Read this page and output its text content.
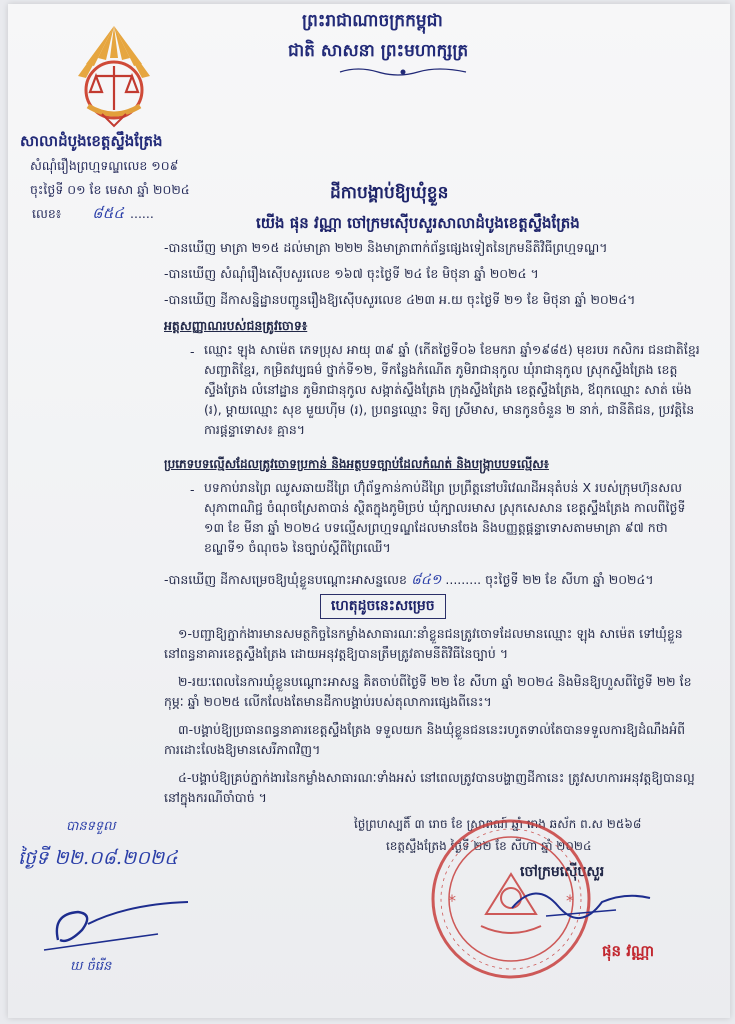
ព្រះរាជាណាចក្រកម្ពុជា
ជាតិ សាសនា ព្រះមហាក្សត្រ
សាលាដំបូងខេត្តស្ទឹងត្រែង
សំណុំរឿងព្រហ្មទណ្ឌលេខ ១០៩
ចុះថ្ងៃទី ០១ ខែ មេសា ឆ្នាំ ២០២៤
លេខ៖ ៨៥៤ ......
ដីកាបង្គាប់ឱ្យឃុំខ្លួន
យើង ផុន វណ្ណា ចៅក្រមស៊ើបសួរសាលាដំបូងខេត្តស្ទឹងត្រែង
-បានឃើញ មាត្រា ២១៥ ដល់មាត្រា ២២២ និងមាត្រាពាក់ព័ន្ធផ្សេងទៀតនៃក្រមនីតិវិធីព្រហ្មទណ្ឌ។
-បានឃើញ សំណុំរឿងស៊ើបសួរលេខ ១៦៧ ចុះថ្ងៃទី ២៤ ខែ មិថុនា ឆ្នាំ ២០២៤ ។
-បានឃើញ ដីកាសន្និដ្ឋានបញ្ជូនរឿងឱ្យស៊ើបសួរលេខ ៤២៣ អ.យ ចុះថ្ងៃទី ២១ ខែ មិថុនា ឆ្នាំ ២០២៤។
អត្តសញ្ញាណរបស់ជនត្រូវចោទ៖
- ឈ្មោះ ឡុង សាម៉េត ភេទប្រុស អាយុ ៣៩ ឆ្នាំ (កើតថ្ងៃទី០៦ ខែមករា ឆ្នាំ១៩៨៥) មុខរបរ កសិករ ជនជាតិខ្មែរ សញ្ជាតិខ្មែរ, កម្រិតវប្បធម៌ ថ្នាក់ទី១២, ទីកន្លែងកំណើត ភូមិរាជានុកូល ឃុំរាជានុកូល ស្រុកស្ទឹងត្រែង ខេត្តស្ទឹងត្រែង លំនៅដ្ឋាន ភូមិរាជានុកូល សង្កាត់ស្ទឹងត្រែង ក្រុងស្ទឹងត្រែង ខេត្តស្ទឹងត្រែង, ឪពុកឈ្មោះ សាត់ ម៉េង (រ), ម្ដាយឈ្មោះ សុខ មួយហ៊ីម (រ), ប្រពន្ធឈ្មោះ ទិត្យ ស្រីមាស, មានកូនចំនួន ២ នាក់, ជានីតិជន, ប្រវត្តិនៃការផ្ដន្ទាទោស៖ គ្មាន។
ប្រភេទបទល្មើសដែលត្រូវចោទប្រកាន់ និងអត្ថបទច្បាប់ដែលកំណត់ និងបង្ក្រាបបទល្មើស៖
- បទកាប់រានព្រៃ ឈូសឆាយដីព្រៃ ហ៊ុំព័ទ្ធកាន់កាប់ដីព្រៃ ប្រព្រឹត្តនៅបរិវេណដីអនុតំបន់ X របស់ក្រុមហ៊ុនសលសុភាពាណិជ្ជ ចំណុចស្រែតាបាន់ ស្ថិតក្នុងភូមិច្រប់ ឃុំក្បាលរមាស ស្រុកសេសាន ខេត្តស្ទឹងត្រែង កាលពីថ្ងៃទី ១៣ ខែ មីនា ឆ្នាំ ២០២៤ បទល្មើសព្រហ្មទណ្ឌដែលមានចែង និងបញ្ញត្តផ្តន្ទាទោសតាមមាត្រា ៩៧ កថាខណ្ឌទី១ ចំណុច៦ នៃច្បាប់ស្ដីពីព្រៃឈើ។
-បានឃើញ ដីកាសម្រេចឱ្យឃុំខ្លួនបណ្ដោះអាសន្នលេខ ៨៤១ ......... ចុះថ្ងៃទី ២២ ខែ សីហា ឆ្នាំ ២០២៤។
ហេតុដូចនេះសម្រេច
១-បញ្ជាឱ្យភ្នាក់ងារមានសមត្ថកិច្ចនៃកម្លាំងសាធារណៈនាំខ្លួនជនត្រូវចោទដែលមានឈ្មោះ ឡុង សាម៉េត ទៅឃុំខ្លួននៅពន្ធនាគារខេត្តស្ទឹងត្រែង ដោយអនុវត្តឱ្យបានត្រឹមត្រូវតាមនីតិវិធីនៃច្បាប់ ។
២-រយៈពេលនៃការឃុំខ្លួនបណ្ដោះអាសន្ន គិតចាប់ពីថ្ងៃទី ២២ ខែ សីហា ឆ្នាំ ២០២៤ និងមិនឱ្យហួសពីថ្ងៃទី ២២ ខែ កុម្ភៈ ឆ្នាំ ២០២៥ លើកលែងតែមានដីកាបង្គាប់របស់តុលាការផ្សេងពីនេះ។
៣-បង្គាប់ឱ្យប្រធានពន្ធនាគារខេត្តស្ទឹងត្រែង ទទួលយក និងឃុំខ្លួនជននេះរហូតទាល់តែបានទទួលការឱ្យដំណឹងអំពីការដោះលែងឱ្យមានសេរីភាពវិញ។
៤-បង្គាប់ឱ្យគ្រប់ភ្នាក់ងារនៃកម្លាំងសាធារណៈទាំងអស់ នៅពេលត្រូវបានបង្ហាញដីកានេះ ត្រូវសហការអនុវត្តឱ្យបានល្អនៅក្នុងករណីចាំបាច់ ។
ថ្ងៃព្រហស្បតិ៍ ៣ រោច ខែ ស្រាពណ៍ ឆ្នាំ រោង ឆស័ក ព.ស ២៥៦៨
ខេត្តស្ទឹងត្រែង ថ្ងៃទី ២២ ខែ សីហា ឆ្នាំ ២០២៤
ចៅក្រមស៊ើបសួរ
*	*
ផុន វណ្ណា
បានទទួល
ថ្ងៃទី ២២.០៨.២០២៤
ឃ ចំរើន
